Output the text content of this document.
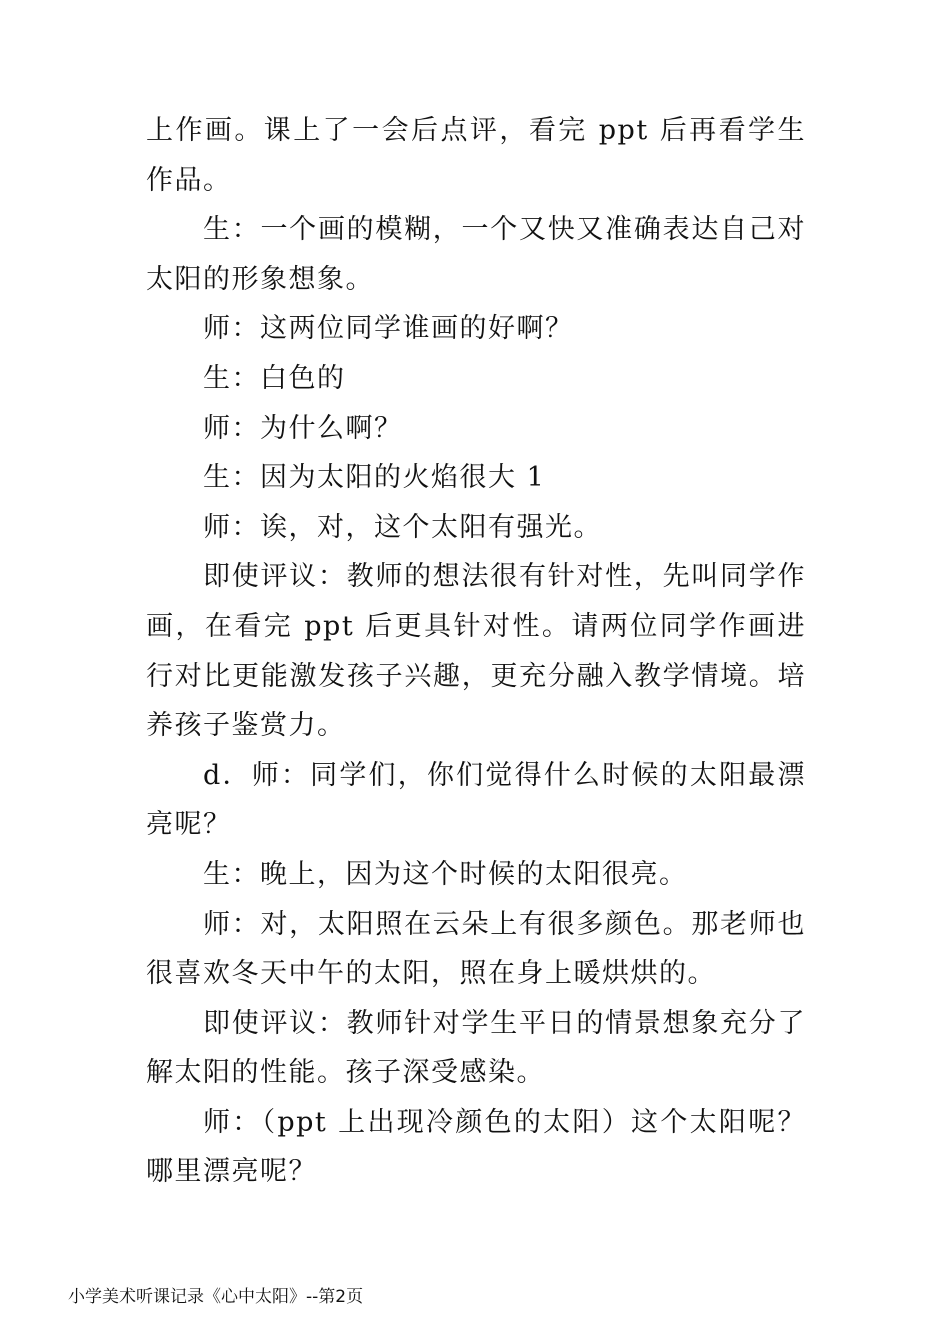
上作画。课上了一会后点评，看完 ppt 后再看学生作品。

生：一个画的模糊，一个又快又准确表达自己对太阳的形象想象。

师：这两位同学谁画的好啊？

生：白色的

师：为什么啊？

生：因为太阳的火焰很大 1

师：诶，对，这个太阳有强光。

即使评议：教师的想法很有针对性，先叫同学作画，在看完 ppt 后更具针对性。请两位同学作画进行对比更能激发孩子兴趣，更充分融入教学情境。培养孩子鉴赏力。

d．师：同学们，你们觉得什么时候的太阳最漂亮呢？

生：晚上，因为这个时候的太阳很亮。

师：对，太阳照在云朵上有很多颜色。那老师也很喜欢冬天中午的太阳，照在身上暖烘烘的。

即使评议：教师针对学生平日的情景想象充分了解太阳的性能。孩子深受感染。

师：（ppt 上出现冷颜色的太阳）这个太阳呢？哪里漂亮呢？

小学美术听课记录《心中太阳》--第2页
